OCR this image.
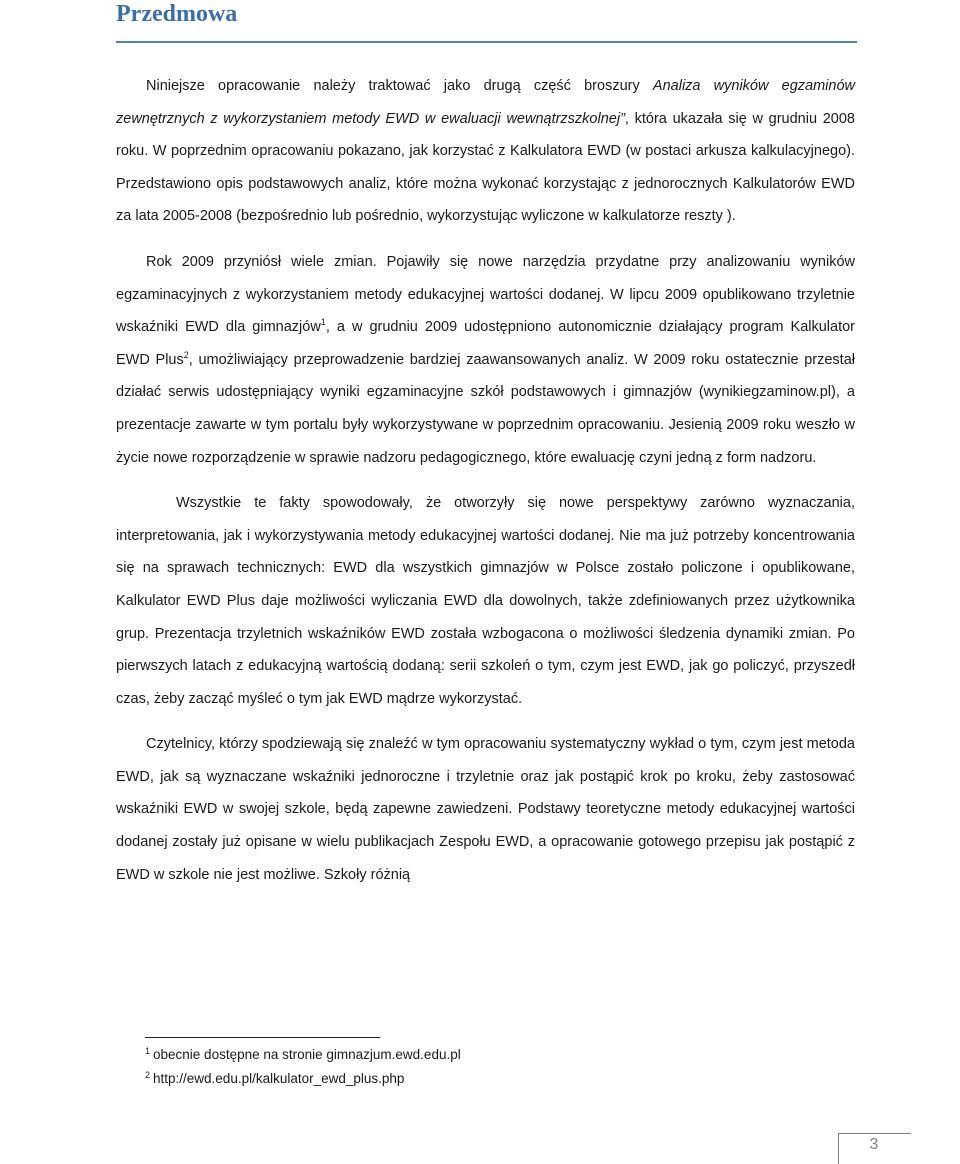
Przedmowa

Niniejsze opracowanie należy traktować jako drugą część broszury Analiza wyników egzaminów zewnętrznych z wykorzystaniem metody EWD w ewaluacji wewnątrzszkolnej”, która ukazała się w grudniu 2008 roku. W poprzednim opracowaniu pokazano, jak korzystać z Kalkulatora EWD (w postaci arkusza kalkulacyjnego). Przedstawiono opis podstawowych analiz, które można wykonać korzystając z jednorocznych Kalkulatorów EWD za lata 2005-2008 (bezpośrednio lub pośrednio, wykorzystując wyliczone w kalkulatorze reszty ).

Rok 2009 przyniósł wiele zmian. Pojawiły się nowe narzędzia przydatne przy analizowaniu wyników egzaminacyjnych z wykorzystaniem metody edukacyjnej wartości dodanej. W lipcu 2009 opublikowano trzyletnie wskaźniki EWD dla gimnazjów$^1$, a w grudniu 2009 udostępniono autonomicznie działający program Kalkulator EWD Plus$^2$, umożliwiający przeprowadzenie bardziej zaawansowanych analiz. W 2009 roku ostatecznie przestał działać serwis udostępniający wyniki egzaminacyjne szkół podstawowych i gimnazjów (wynikiegzaminow.pl), a prezentacje zawarte w tym portalu były wykorzystywane w poprzednim opracowaniu. Jesienią 2009 roku weszło w życie nowe rozporządzenie w sprawie nadzoru pedagogicznego, które ewaluację czyni jedną z form nadzoru.

Wszystkie te fakty spowodowały, że otworzyły się nowe perspektywy zarówno wyznaczania, interpretowania, jak i wykorzystywania metody edukacyjnej wartości dodanej. Nie ma już potrzeby koncentrowania się na sprawach technicznych: EWD dla wszystkich gimnazjów w Polsce zostało policzone i opublikowane, Kalkulator EWD Plus daje możliwości wyliczania EWD dla dowolnych, także zdefiniowanych przez użytkownika grup. Prezentacja trzyletnich wskaźników EWD została wzbogacona o możliwości śledzenia dynamiki zmian. Po pierwszych latach z edukacyjną wartością dodaną: serii szkoleń o tym, czym jest EWD, jak go policzyć, przyszedł czas, żeby zacząć myśleć o tym jak EWD mądrze wykorzystać.

Czytelnicy, którzy spodziewają się znaleźć w tym opracowaniu systematyczny wykład o tym, czym jest metoda EWD, jak są wyznaczane wskaźniki jednoroczne i trzyletnie oraz jak postąpić krok po kroku, żeby zastosować wskaźniki EWD w swojej szkole, będą zapewne zawiedzeni. Podstawy teoretyczne metody edukacyjnej wartości dodanej zostały już opisane w wielu publikacjach Zespołu EWD, a opracowanie gotowego przepisu jak postąpić z EWD w szkole nie jest możliwe. Szkoły różnią

$^1$ obecnie dostępne na stronie gimnazjum.ewd.edu.pl
$^2$ http://ewd.edu.pl/kalkulator_ewd_plus.php
3
